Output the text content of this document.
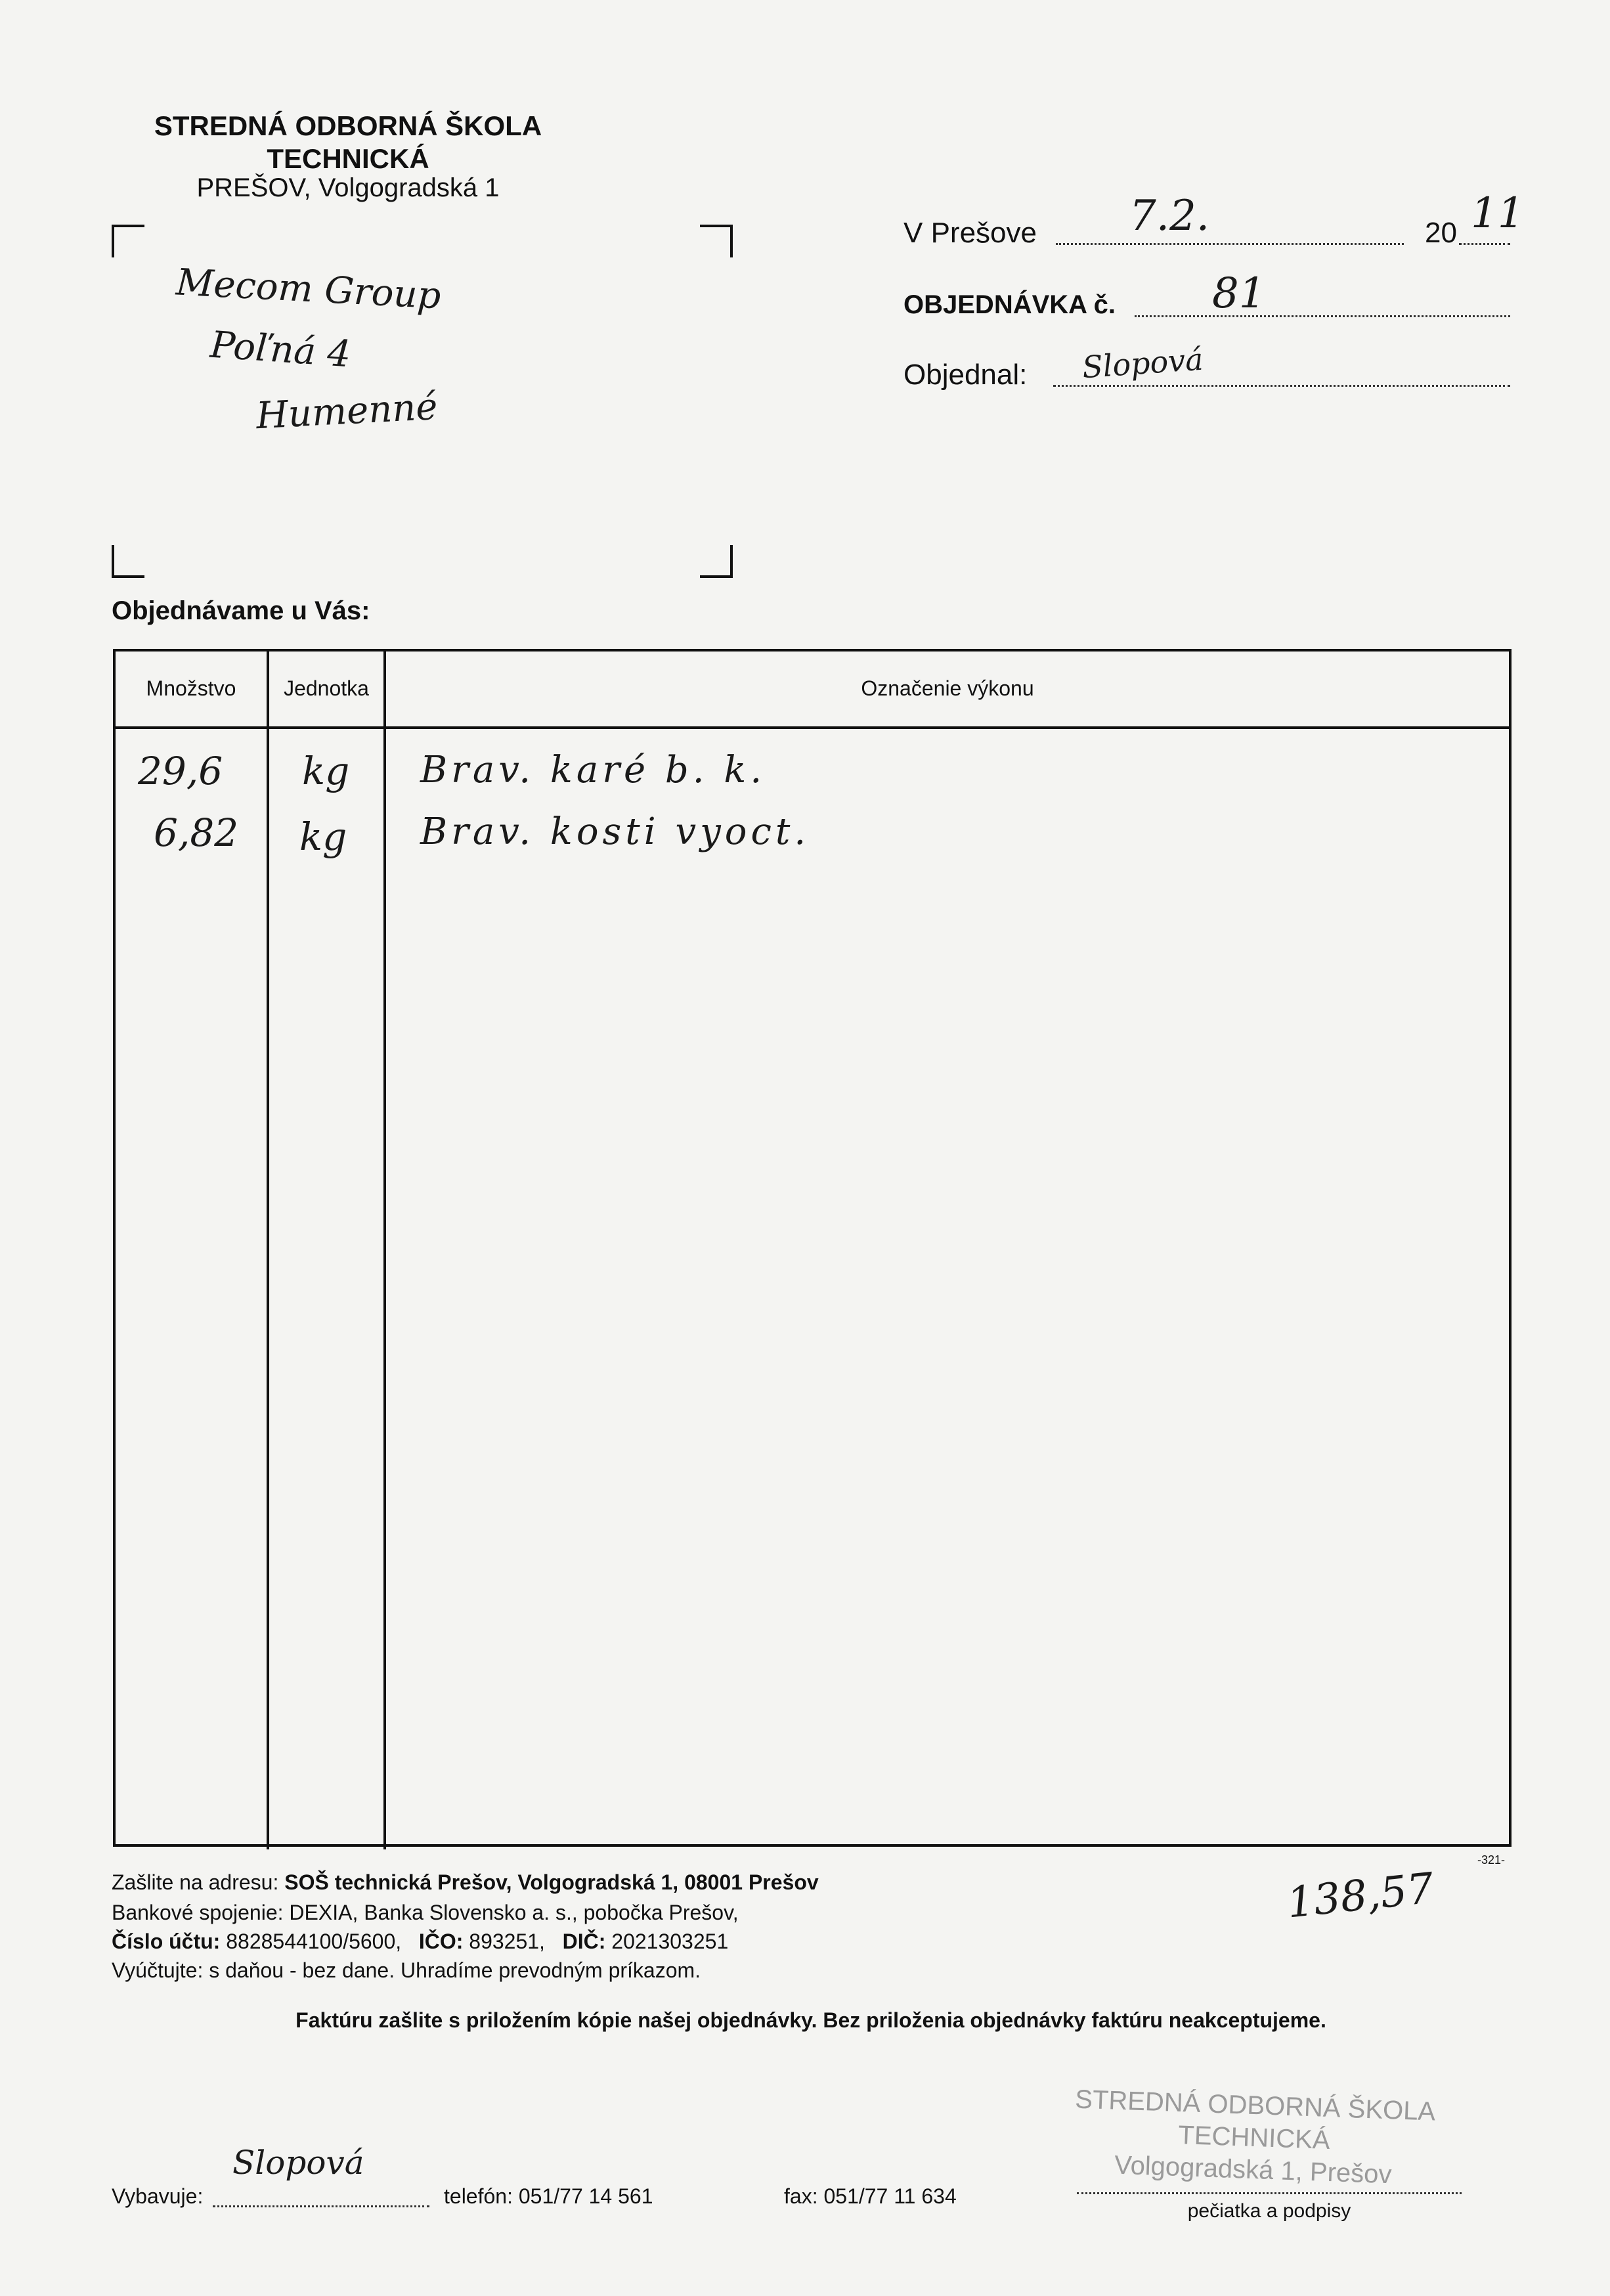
STREDNÁ ODBORNÁ ŠKOLA
TECHNICKÁ
PREŠOV, Volgogradská 1
Mecom Group
Poľná 4
Humenné
V Prešove 7.2.	20 11
OBJEDNÁVKA č. 81
Objednal: Slopová
Objednávame u Vás:
Množstvo	Jednotka	Označenie výkonu
29,6 kg Brav. karé b. k.
6,82 kg Brav. kosti vyoct.
-321-
Zašlite na adresu: SOŠ technická Prešov, Volgogradská 1, 08001 Prešov
Bankové spojenie: DEXIA, Banka Slovensko a. s., pobočka Prešov,
Číslo účtu: 8828544100/5600, IČO: 893251, DIČ: 2021303251
Vyúčtujte: s daňou - bez dane. Uhradíme prevodným príkazom.
138,57
Faktúru zašlite s priložením kópie našej objednávky. Bez priloženia objednávky faktúru neakceptujeme.
Vybavuje:
Slopová
telefón: 051/77 14 561	fax: 051/77 11 634
STREDNÁ ODBORNÁ ŠKOLA
TECHNICKÁ
Volgogradská 1, Prešov
pečiatka a podpisy
